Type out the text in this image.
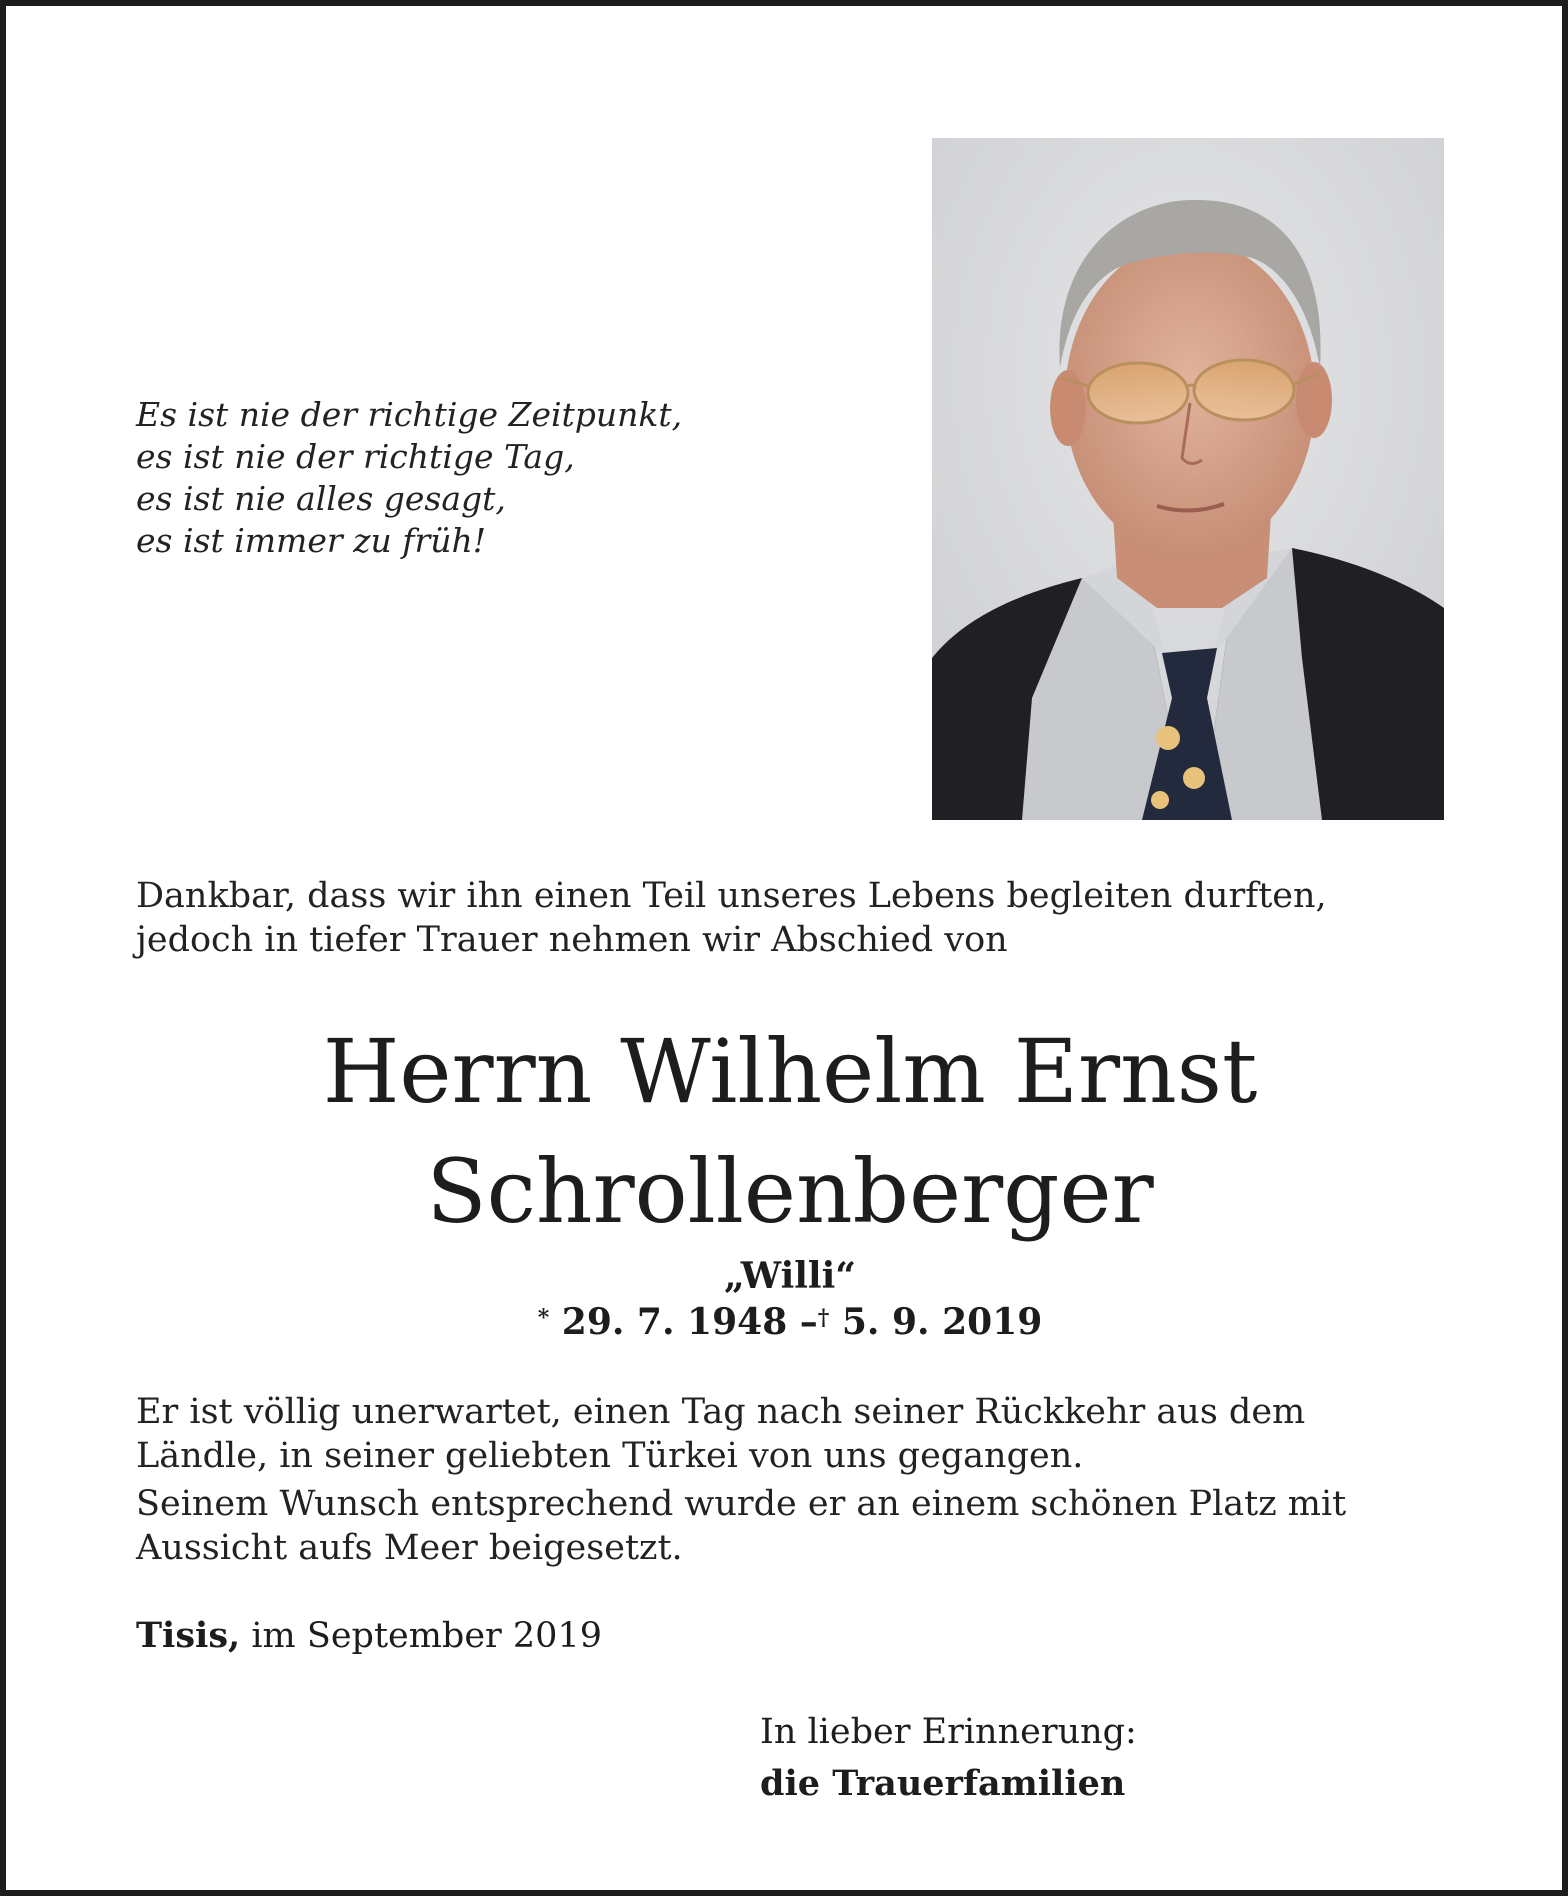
Es ist nie der richtige Zeitpunkt,
es ist nie der richtige Tag,
es ist nie alles gesagt,
es ist immer zu früh!
Dankbar, dass wir ihn einen Teil unseres Lebens begleiten durften, jedoch in tiefer Trauer nehmen wir Abschied von
Herrn Wilhelm Ernst
Schrollenberger
„Willi“
* 29. 7. 1948 –† 5. 9. 2019
Er ist völlig unerwartet, einen Tag nach seiner Rückkehr aus dem Ländle, in seiner geliebten Türkei von uns gegangen.
Seinem Wunsch entsprechend wurde er an einem schönen Platz mit Aussicht aufs Meer beigesetzt.
Tisis, im September 2019
In lieber Erinnerung:
die Trauerfamilien
